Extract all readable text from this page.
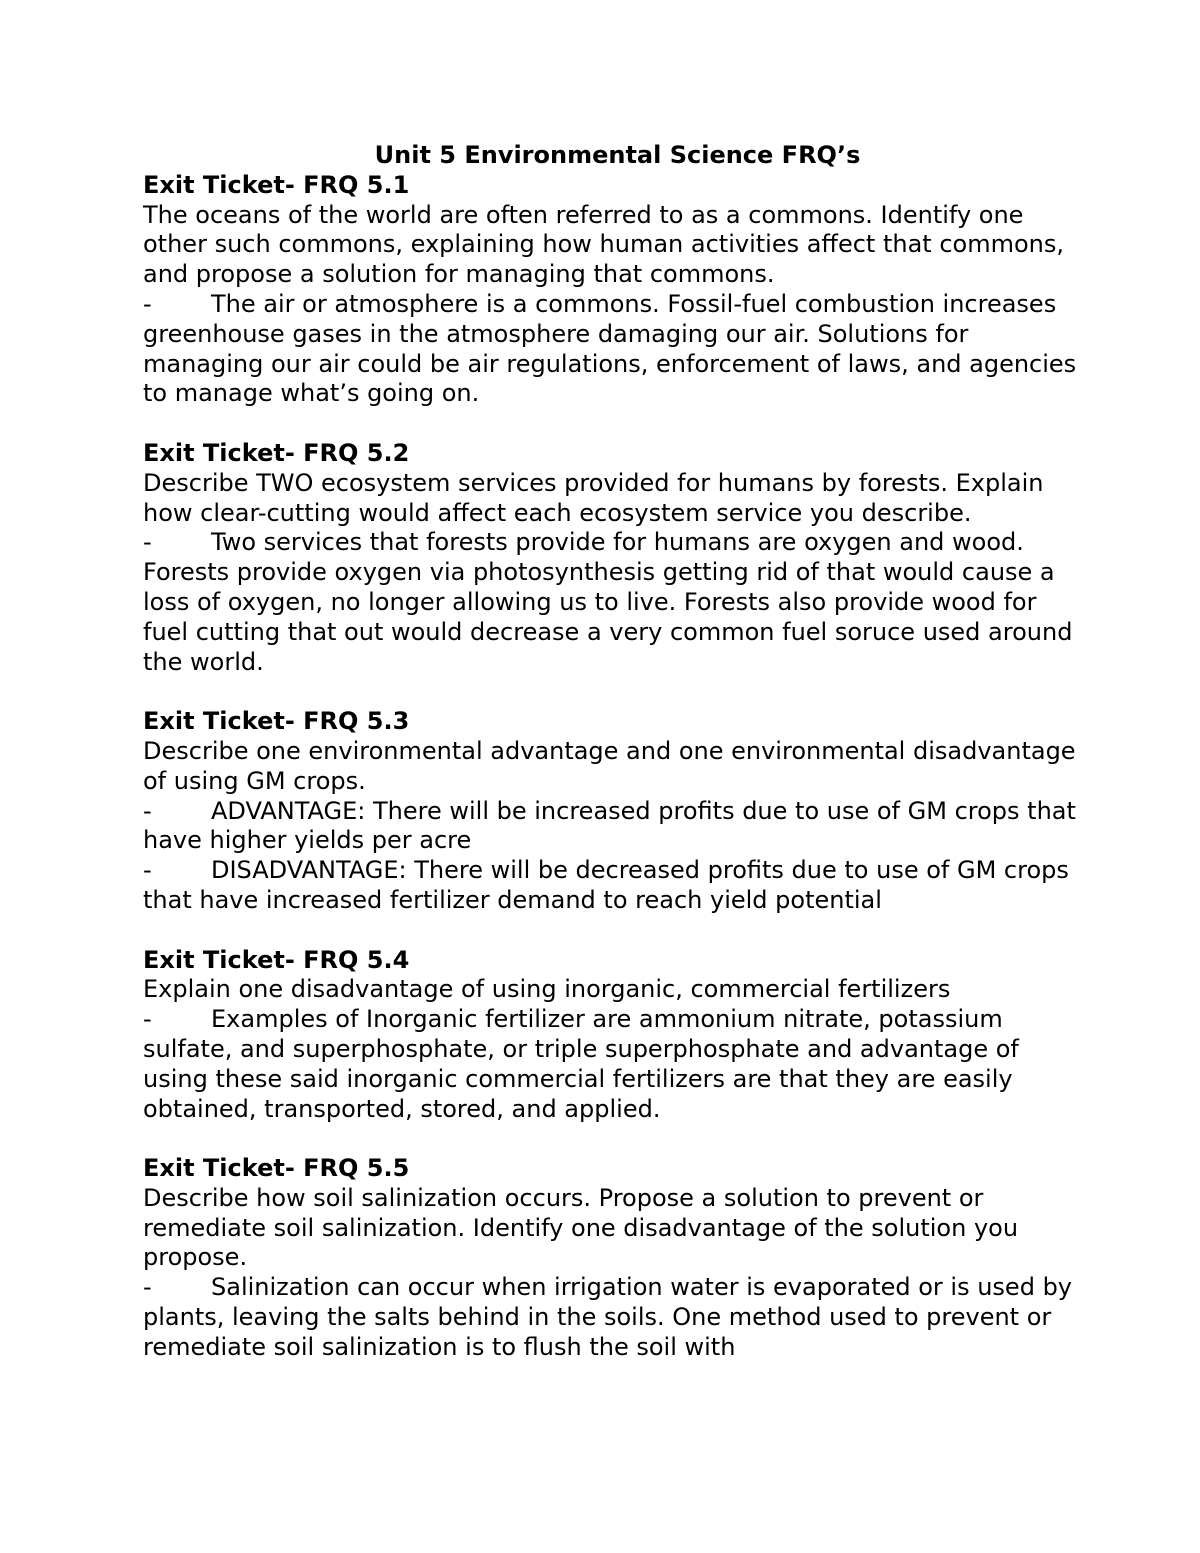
Unit 5 Environmental Science FRQ’s

Exit Ticket- FRQ 5.1

The oceans of the world are often referred to as a commons. Identify one other such commons, explaining how human activities affect that commons, and propose a solution for managing that commons.

- The air or atmosphere is a commons. Fossil-fuel combustion increases greenhouse gases in the atmosphere damaging our air. Solutions for managing our air could be air regulations, enforcement of laws, and agencies to manage what’s going on.

Exit Ticket- FRQ 5.2

Describe TWO ecosystem services provided for humans by forests. Explain how clear-cutting would affect each ecosystem service you describe.

- Two services that forests provide for humans are oxygen and wood. Forests provide oxygen via photosynthesis getting rid of that would cause a loss of oxygen, no longer allowing us to live. Forests also provide wood for fuel cutting that out would decrease a very common fuel soruce used around the world.

Exit Ticket- FRQ 5.3

Describe one environmental advantage and one environmental disadvantage of using GM crops.

- ADVANTAGE: There will be increased profits due to use of GM crops that have higher yields per acre

- DISADVANTAGE: There will be decreased profits due to use of GM crops that have increased fertilizer demand to reach yield potential

Exit Ticket- FRQ 5.4

Explain one disadvantage of using inorganic, commercial fertilizers

- Examples of Inorganic fertilizer are ammonium nitrate, potassium sulfate, and superphosphate, or triple superphosphate and advantage of using these said inorganic commercial fertilizers are that they are easily obtained, transported, stored, and applied.

Exit Ticket- FRQ 5.5

Describe how soil salinization occurs. Propose a solution to prevent or remediate soil salinization. Identify one disadvantage of the solution you propose.

- Salinization can occur when irrigation water is evaporated or is used by plants, leaving the salts behind in the soils. One method used to prevent or remediate soil salinization is to flush the soil with
